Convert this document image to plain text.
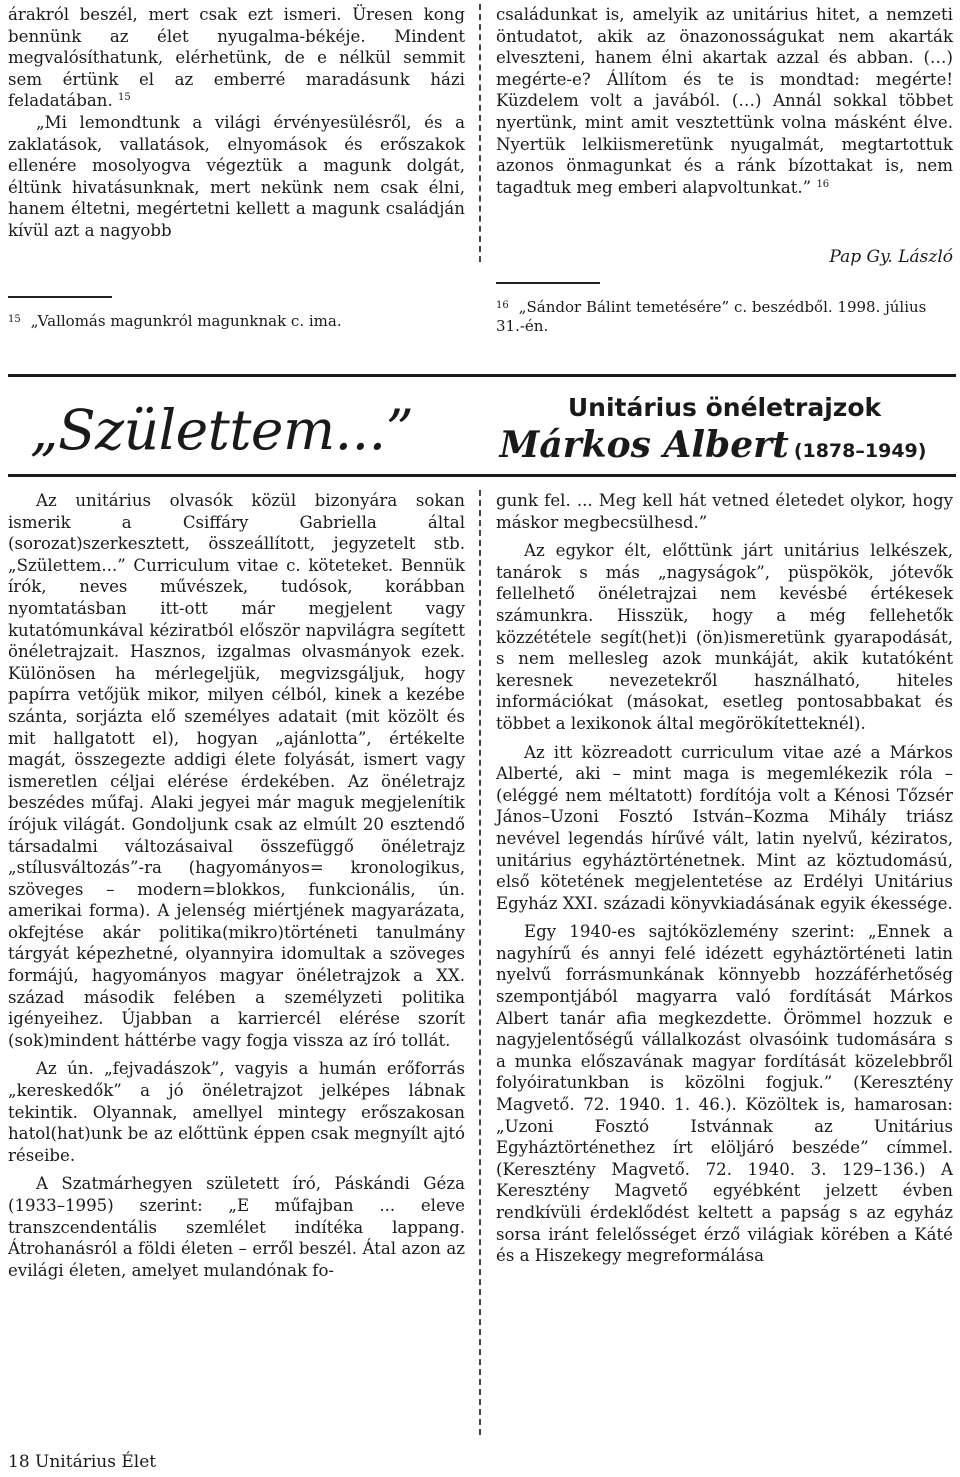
árakról beszél, mert csak ezt ismeri. Üresen kong bennünk az élet nyugalma-békéje. Mindent megvalósíthatunk, elérhetünk, de e nélkül semmit sem értünk el az emberré maradásunk házi feladatában. $^{15}$

„Mi lemondtunk a világi érvényesülésről, és a zaklatások, vallatások, elnyomások és erőszakok ellenére mosolyogva végeztük a magunk dolgát, éltünk hivatásunknak, mert nekünk nem csak élni, hanem éltetni, megértetni kellett a magunk családján kívül azt a nagyobb

családunkat is, amelyik az unitárius hitet, a nemzeti öntudatot, akik az önazonosságukat nem akarták elveszteni, hanem élni akartak azzal és abban. (…) megérte-e? Állítom és te is mondtad: megérte! Küzdelem volt a javából. (…) Annál sokkal többet nyertünk, mint amit vesztettünk volna másként élve. Nyertük lelkiismeretünk nyugalmát, megtartottuk azonos önmagunkat és a ránk bízottakat is, nem tagadtuk meg emberi alapvoltunkat.” $^{16}$

Pap Gy. László
$^{15}$ „Vallomás magunkról magunknak c. ima.
$^{16}$ „Sándor Bálint temetésére” c. beszédből. 1998. július 31.-én.
„Születtem...”	Unitárius önéletrajzok
Márkos Albert (1878–1949)

Az unitárius olvasók közül bizonyára sokan ismerik a Csiffáry Gabriella által (sorozat)szerkesztett, összeállított, jegyzetelt stb. „Születtem...” Curriculum vitae c. köteteket. Bennük írók, neves művészek, tudósok, korábban nyomtatásban itt-ott már megjelent vagy kutatómunkával kéziratból először napvilágra segített önéletrajzait. Hasznos, izgalmas olvasmányok ezek. Különösen ha mérlegeljük, megvizsgáljuk, hogy papírra vetőjük mikor, milyen célból, kinek a kezébe szánta, sorjázta elő személyes adatait (mit közölt és mit hallgatott el), hogyan „ajánlotta”, értékelte magát, összegezte addigi élete folyását, ismert vagy ismeretlen céljai elérése érdekében. Az önéletrajz beszédes műfaj. Alaki jegyei már maguk megjelenítik írójuk világát. Gondoljunk csak az elmúlt 20 esztendő társadalmi változásaival összefüggő önéletrajz „stílusváltozás”-ra (hagyományos= kronologikus, szöveges – modern=blokkos, funkcionális, ún. amerikai forma). A jelenség miértjének magyarázata, okfejtése akár politika(mikro)történeti tanulmány tárgyát képezhetné, olyannyira idomultak a szöveges formájú, hagyományos magyar önéletrajzok a XX. század második felében a személyzeti politika igényeihez. Újabban a karriercél elérése szorít (sok)mindent háttérbe vagy fogja vissza az író tollát.

Az ún. „fejvadászok”, vagyis a humán erőforrás „kereskedők” a jó önéletrajzot jelképes lábnak tekintik. Olyannak, amellyel mintegy erőszakosan hatol(hat)unk be az előttünk éppen csak megnyílt ajtó réseibe.

A Szatmárhegyen született író, Páskándi Géza (1933–1995) szerint: „E műfajban ... eleve transzcendentális szemlélet indítéka lappang. Átrohanásról a földi életen – erről beszél. Átal azon az evilági életen, amelyet mulandónak fo-

gunk fel. ... Meg kell hát vetned életedet olykor, hogy máskor megbecsülhesd.”

Az egykor élt, előttünk járt unitárius lelkészek, tanárok s más „nagyságok”, püspökök, jótevők fellelhető önéletrajzai nem kevésbé értékesek számunkra. Hisszük, hogy a még fellehetők közzététele segít(het)i (ön)ismeretünk gyarapodását, s nem mellesleg azok munkáját, akik kutatóként keresnek nevezetekről használható, hiteles információkat (másokat, esetleg pontosabbakat és többet a lexikonok által megörökítetteknél).

Az itt közreadott curriculum vitae azé a Márkos Alberté, aki – mint maga is megemlékezik róla – (eléggé nem méltatott) fordítója volt a Kénosi Tőzsér János–Uzoni Fosztó István–Kozma Mihály triász nevével legendás hírűvé vált, latin nyelvű, kéziratos, unitárius egyháztörténetnek. Mint az köztudomású, első kötetének megjelentetése az Erdélyi Unitárius Egyház XXI. századi könyvkiadásának egyik ékessége.

Egy 1940-es sajtóközlemény szerint: „Ennek a nagyhírű és annyi felé idézett egyháztörténeti latin nyelvű forrásmunkának könnyebb hozzáférhetőség szempontjából magyarra való fordítását Márkos Albert tanár afia megkezdette. Örömmel hozzuk e nagyjelentőségű vállalkozást olvasóink tudomására s a munka előszavának magyar fordítását közelebbről folyóiratunkban is közölni fogjuk.” (Keresztény Magvető. 72. 1940. 1. 46.). Közöltek is, hamarosan: „Uzoni Fosztó Istvánnak az Unitárius Egyháztörténethez írt elöljáró beszéde” címmel. (Keresztény Magvető. 72. 1940. 3. 129–136.) A Keresztény Magvető egyébként jelzett évben rendkívüli érdeklődést keltett a papság s az egyház sorsa iránt felelősséget érző világiak körében a Káté és a Hiszekegy megreformálása

18 Unitárius Élet
